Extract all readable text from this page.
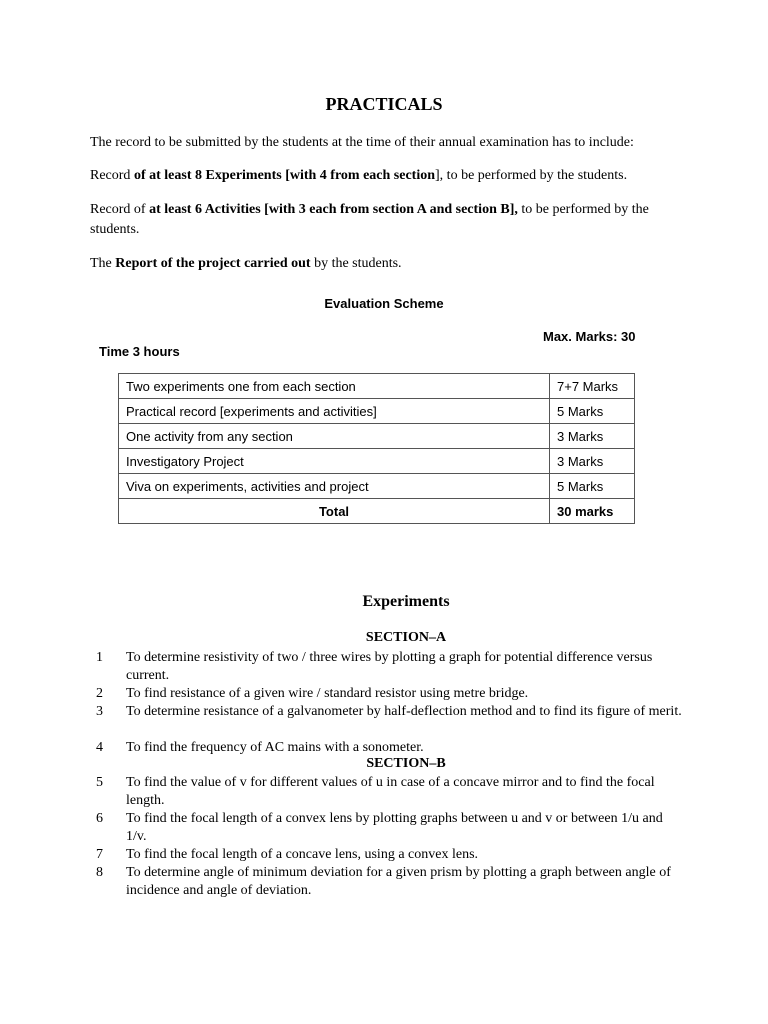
PRACTICALS
The record to be submitted by the students at the time of their annual examination has to include:
Record of at least 8 Experiments [with 4 from each section], to be performed by the students.
Record of at least 6 Activities [with 3 each from section A and section B], to be performed by the students.
The Report of the project carried out by the students.
Evaluation Scheme
Max. Marks: 30
Time 3 hours
Two experiments one from each section	7+7 Marks
Practical record [experiments and activities]	5 Marks
One activity from any section	3 Marks
Investigatory Project	3 Marks
Viva on experiments, activities and project	5 Marks
Total	30 marks
Experiments
SECTION–A
1	To determine resistivity of two / three wires by plotting a graph for potential difference versus current.
2	To find resistance of a given wire / standard resistor using metre bridge.
3	To determine resistance of a galvanometer by half-deflection method and to find its figure of merit.
4	To find the frequency of AC mains with a sonometer.
SECTION–B
5	To find the value of v for different values of u in case of a concave mirror and to find the focal length.
6	To find the focal length of a convex lens by plotting graphs between u and v or between 1/u and 1/v.
7	To find the focal length of a concave lens, using a convex lens.
8	To determine angle of minimum deviation for a given prism by plotting a graph between angle of incidence and angle of deviation.
